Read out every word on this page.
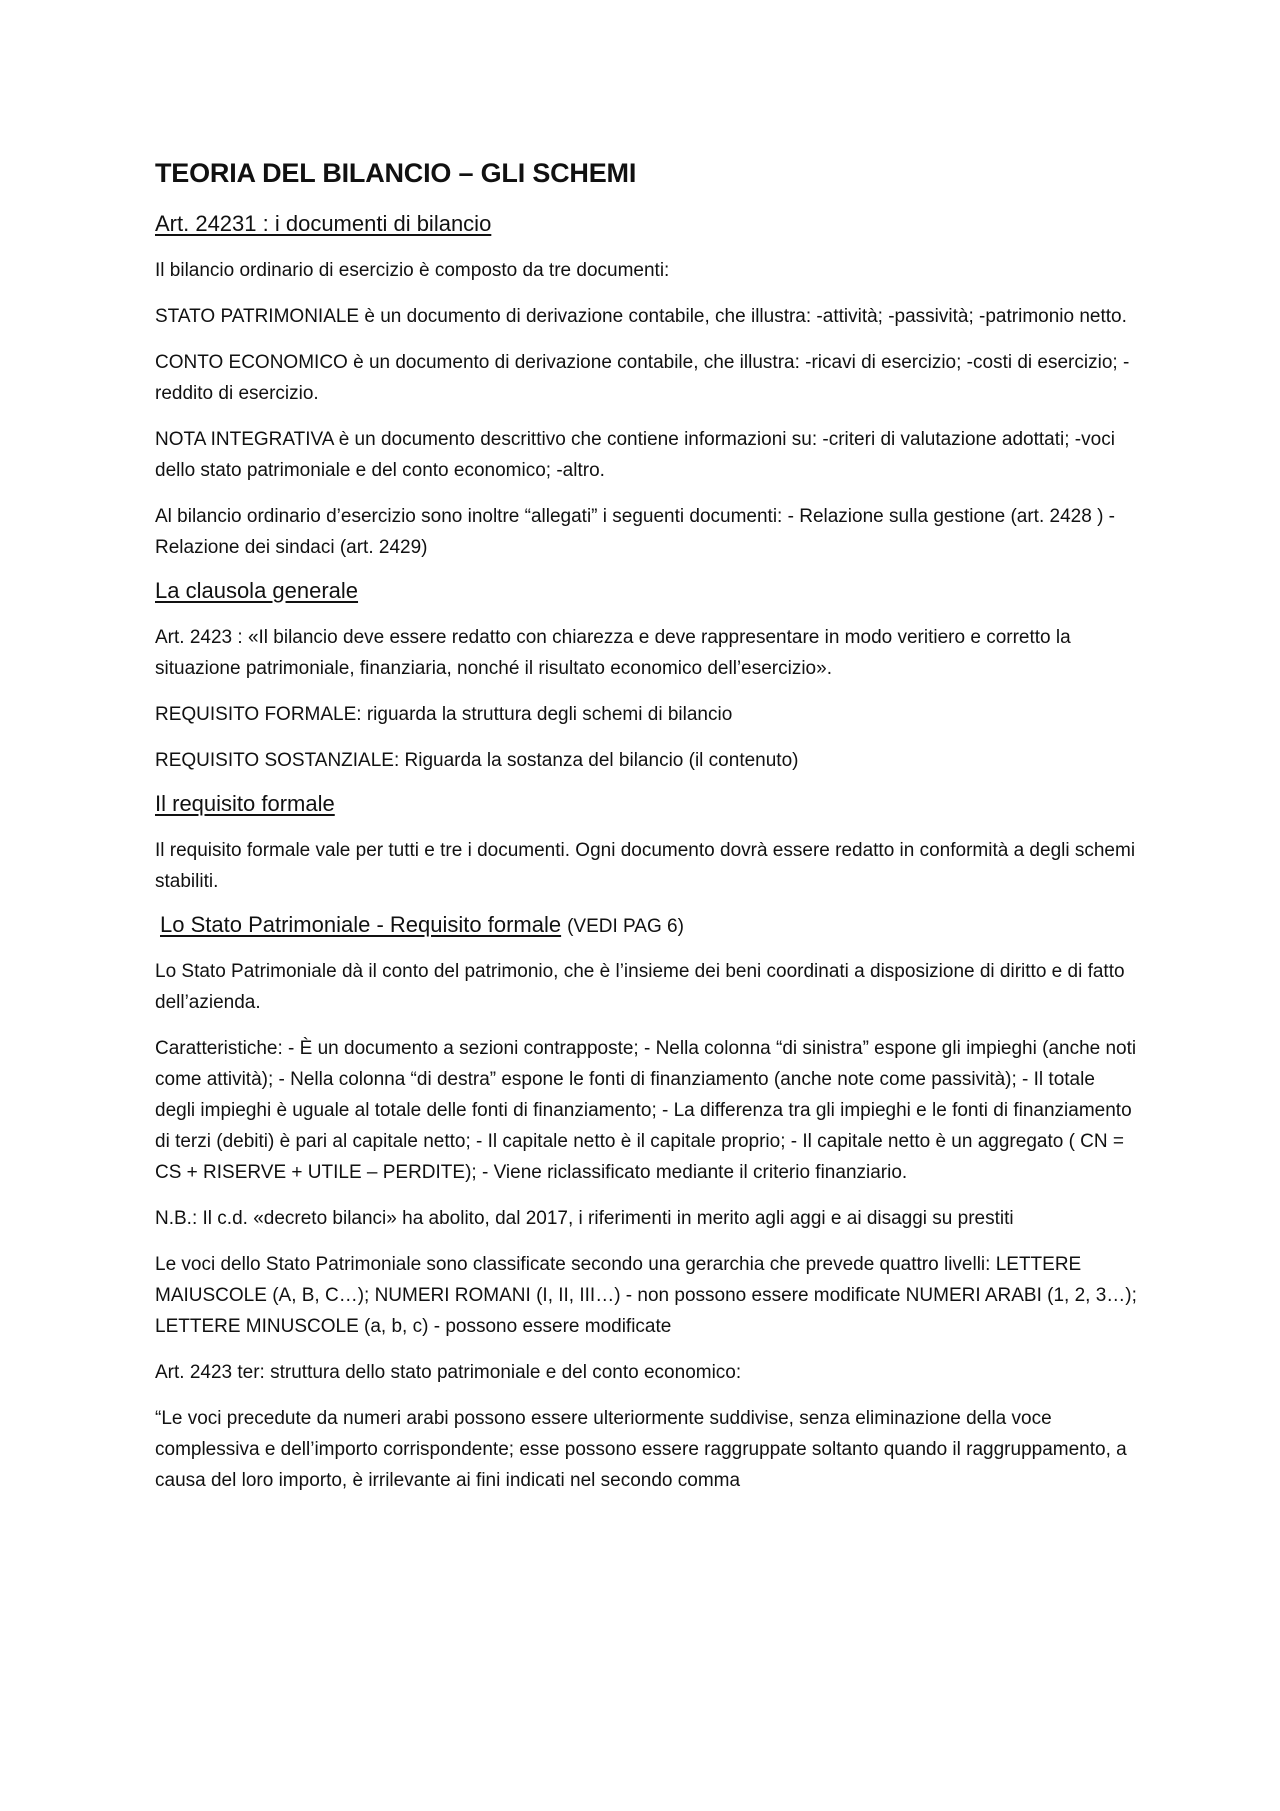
TEORIA DEL BILANCIO – GLI SCHEMI
Art. 24231 : i documenti di bilancio

Il bilancio ordinario di esercizio è composto da tre documenti:

STATO PATRIMONIALE è un documento di derivazione contabile, che illustra: -attività; -passività; -patrimonio netto.

CONTO ECONOMICO è un documento di derivazione contabile, che illustra: -ricavi di esercizio; -costi di esercizio; -reddito di esercizio.

NOTA INTEGRATIVA è un documento descrittivo che contiene informazioni su: -criteri di valutazione adottati; -voci dello stato patrimoniale e del conto economico; -altro.

Al bilancio ordinario d’esercizio sono inoltre “allegati” i seguenti documenti: - Relazione sulla gestione (art. 2428 ) - Relazione dei sindaci (art. 2429)

La clausola generale

Art. 2423 : «Il bilancio deve essere redatto con chiarezza e deve rappresentare in modo veritiero e corretto la situazione patrimoniale, finanziaria, nonché il risultato economico dell’esercizio».

REQUISITO FORMALE: riguarda la struttura degli schemi di bilancio

REQUISITO SOSTANZIALE: Riguarda la sostanza del bilancio (il contenuto)

Il requisito formale

Il requisito formale vale per tutti e tre i documenti. Ogni documento dovrà essere redatto in conformità a degli schemi stabiliti.

Lo Stato Patrimoniale - Requisito formale (VEDI PAG 6)

Lo Stato Patrimoniale dà il conto del patrimonio, che è l’insieme dei beni coordinati a disposizione di diritto e di fatto dell’azienda.

Caratteristiche: - È un documento a sezioni contrapposte; - Nella colonna “di sinistra” espone gli impieghi (anche noti come attività); - Nella colonna “di destra” espone le fonti di finanziamento (anche note come passività); - Il totale degli impieghi è uguale al totale delle fonti di finanziamento; - La differenza tra gli impieghi e le fonti di finanziamento di terzi (debiti) è pari al capitale netto; - Il capitale netto è il capitale proprio; - Il capitale netto è un aggregato ( CN = CS + RISERVE + UTILE – PERDITE); - Viene riclassificato mediante il criterio finanziario.

N.B.: Il c.d. «decreto bilanci» ha abolito, dal 2017, i riferimenti in merito agli aggi e ai disaggi su prestiti

Le voci dello Stato Patrimoniale sono classificate secondo una gerarchia che prevede quattro livelli: LETTERE MAIUSCOLE (A, B, C…); NUMERI ROMANI (I, II, III…) - non possono essere modificate NUMERI ARABI (1, 2, 3…); LETTERE MINUSCOLE (a, b, c) - possono essere modificate

Art. 2423 ter: struttura dello stato patrimoniale e del conto economico:

“Le voci precedute da numeri arabi possono essere ulteriormente suddivise, senza eliminazione della voce complessiva e dell’importo corrispondente; esse possono essere raggruppate soltanto quando il raggruppamento, a causa del loro importo, è irrilevante ai fini indicati nel secondo comma
